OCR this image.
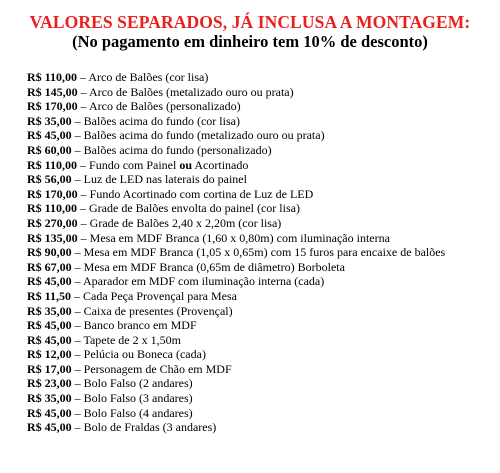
VALORES SEPARADOS, JÁ INCLUSA A MONTAGEM:
(No pagamento em dinheiro tem 10% de desconto)
R$ 110,00 – Arco de Balões (cor lisa)
R$ 145,00 – Arco de Balões (metalizado ouro ou prata)
R$ 170,00 – Arco de Balões (personalizado)
R$ 35,00 – Balões acima do fundo (cor lisa)
R$ 45,00 – Balões acima do fundo (metalizado ouro ou prata)
R$ 60,00 – Balões acima do fundo (personalizado)
R$ 110,00 – Fundo com Painel ou Acortinado
R$ 56,00 – Luz de LED nas laterais do painel
R$ 170,00 – Fundo Acortinado com cortina de Luz de LED
R$ 110,00 – Grade de Balões envolta do painel (cor lisa)
R$ 270,00 – Grade de Balões 2,40 x 2,20m (cor lisa)
R$ 135,00 – Mesa em MDF Branca (1,60 x 0,80m) com iluminação interna
R$ 90,00 – Mesa em MDF Branca (1,05 x 0,65m) com 15 furos para encaixe de balões
R$ 67,00 – Mesa em MDF Branca (0,65m de diâmetro) Borboleta
R$ 45,00 – Aparador em MDF com iluminação interna (cada)
R$ 11,50 – Cada Peça Provençal para Mesa
R$ 35,00 – Caixa de presentes (Provençal)
R$ 45,00 – Banco branco em MDF
R$ 45,00 – Tapete de 2 x 1,50m
R$ 12,00 – Pelúcia ou Boneca (cada)
R$ 17,00 – Personagem de Chão em MDF
R$ 23,00 – Bolo Falso (2 andares)
R$ 35,00 – Bolo Falso (3 andares)
R$ 45,00 – Bolo Falso (4 andares)
R$ 45,00 – Bolo de Fraldas (3 andares)
